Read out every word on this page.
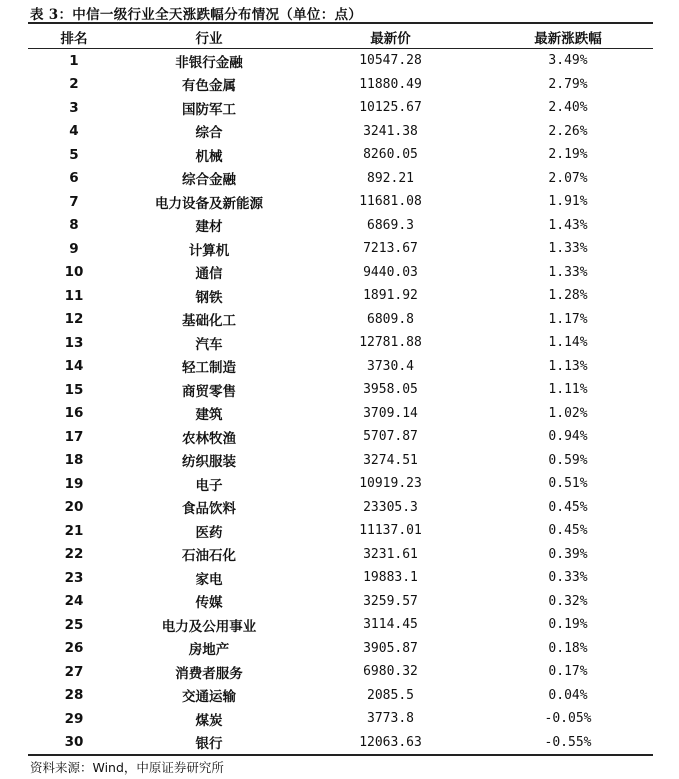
表 3：中信一级行业全天涨跌幅分布情况（单位：点）
排名	行业	最新价	最新涨跌幅
1	非银行金融	10547.28	3.49%
2	有色金属	11880.49	2.79%
3	国防军工	10125.67	2.40%
4	综合	3241.38	2.26%
5	机械	8260.05	2.19%
6	综合金融	892.21	2.07%
7	电力设备及新能源	11681.08	1.91%
8	建材	6869.3	1.43%
9	计算机	7213.67	1.33%
10	通信	9440.03	1.33%
11	钢铁	1891.92	1.28%
12	基础化工	6809.8	1.17%
13	汽车	12781.88	1.14%
14	轻工制造	3730.4	1.13%
15	商贸零售	3958.05	1.11%
16	建筑	3709.14	1.02%
17	农林牧渔	5707.87	0.94%
18	纺织服装	3274.51	0.59%
19	电子	10919.23	0.51%
20	食品饮料	23305.3	0.45%
21	医药	11137.01	0.45%
22	石油石化	3231.61	0.39%
23	家电	19883.1	0.33%
24	传媒	3259.57	0.32%
25	电力及公用事业	3114.45	0.19%
26	房地产	3905.87	0.18%
27	消费者服务	6980.32	0.17%
28	交通运输	2085.5	0.04%
29	煤炭	3773.8	-0.05%
30	银行	12063.63	-0.55%
资料来源：Wind，中原证券研究所
